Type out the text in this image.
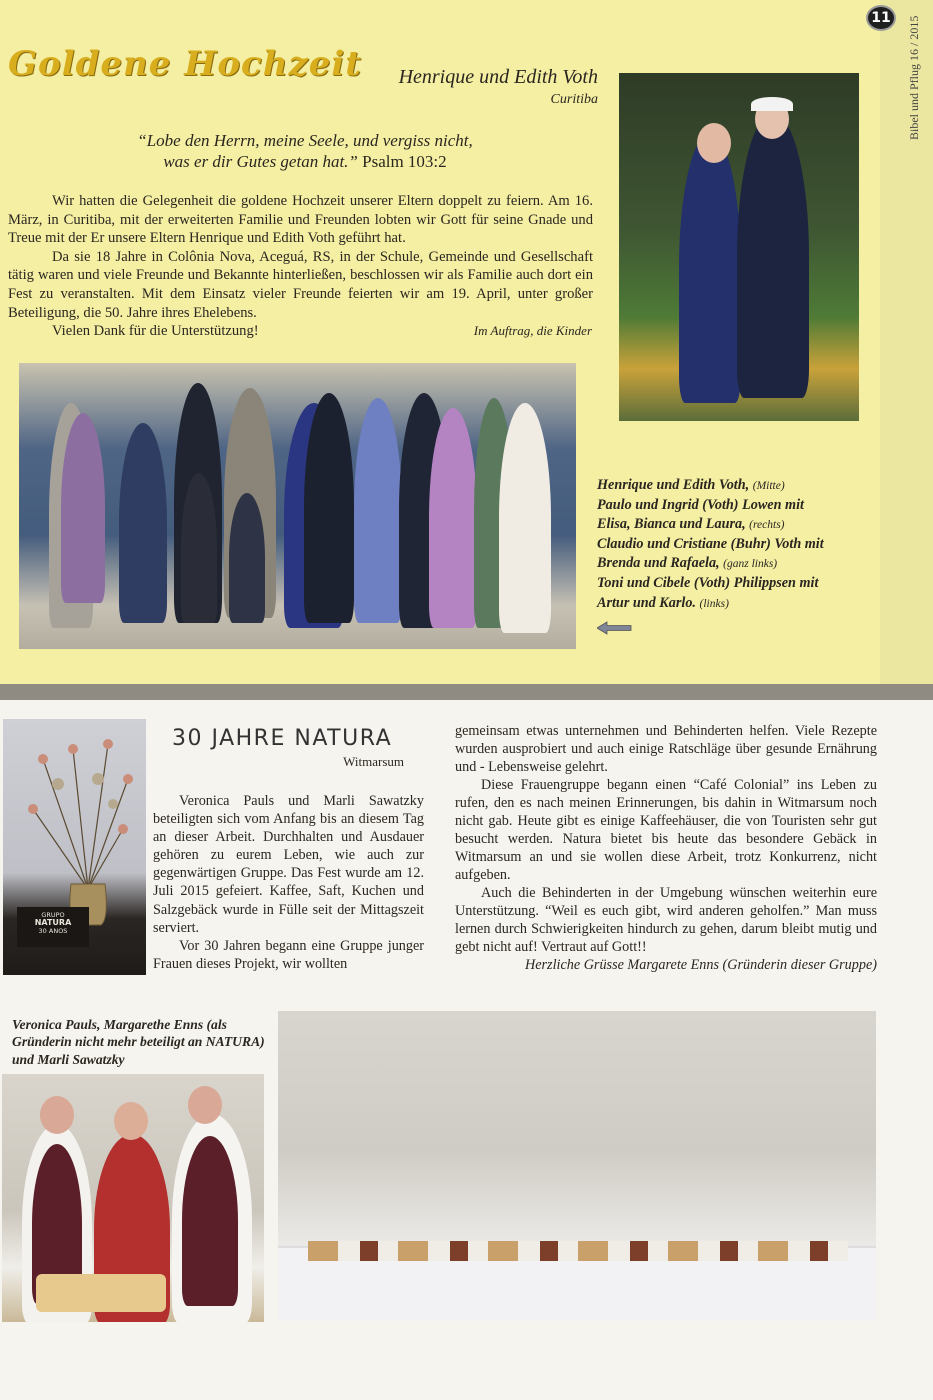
11	Bibel und Pflug 16 / 2015
Goldene Hochzeit	Henrique und Edith Voth
Curitiba
“Lobe den Herrn, meine Seele, und vergiss nicht,
was er dir Gutes getan hat.” Psalm 103:2

Wir hatten die Gelegenheit die goldene Hochzeit unserer Eltern doppelt zu feiern. Am 16. März, in Curitiba, mit der erweiterten Familie und Freunden lobten wir Gott für seine Gnade und Treue mit der Er unsere Eltern Henrique und Edith Voth geführt hat.

Da sie 18 Jahre in Colônia Nova, Aceguá, RS, in der Schule, Gemeinde und Gesellschaft tätig waren und viele Freunde und Bekannte hinterließen, beschlossen wir als Familie auch dort ein Fest zu veranstalten. Mit dem Einsatz vieler Freunde feierten wir am 19. April, unter großer Beteiligung, die 50. Jahre ihres Ehelebens.

Vielen Dank für die Unterstützung!	Im Auftrag, die Kinder
Henrique und Edith Voth, (Mitte)
Paulo und Ingrid (Voth) Lowen mit
Elisa, Bianca und Laura, (rechts)
Claudio und Cristiane (Buhr) Voth mit
Brenda und Rafaela, (ganz links)
Toni und Cibele (Voth) Philippsen mit
Artur und Karlo. (links)
GRUPO
NATURA
30 ANOS
30 JAHRE NATURA
Witmarsum

Veronica Pauls und Marli Sawatzky beteiligten sich vom Anfang bis an diesem Tag an dieser Arbeit. Durchhalten und Ausdauer gehören zu eurem Leben, wie auch zur gegenwärtigen Gruppe. Das Fest wurde am 12. Juli 2015 gefeiert. Kaffee, Saft, Kuchen und Salzgebäck wurde in Fülle seit der Mittagszeit serviert.

Vor 30 Jahren begann eine Gruppe junger Frauen dieses Projekt, wir wollten

gemeinsam etwas unternehmen und Behinderten helfen. Viele Rezepte wurden ausprobiert und auch einige Ratschläge über gesunde Ernährung und - Lebensweise gelehrt.

Diese Frauengruppe begann einen “Café Colonial” ins Leben zu rufen, den es nach meinen Erinnerungen, bis dahin in Witmarsum noch nicht gab. Heute gibt es einige Kaffeehäuser, die von Touristen sehr gut besucht werden. Natura bietet bis heute das besondere Gebäck in Witmarsum an und sie wollen diese Arbeit, trotz Konkurrenz, nicht aufgeben.

Auch die Behinderten in der Umgebung wünschen weiterhin eure Unterstützung. “Weil es euch gibt, wird anderen geholfen.” Man muss lernen durch Schwierigkeiten hindurch zu gehen, darum bleibt mutig und gebt nicht auf! Vertraut auf Gott!!

Herzliche Grüsse Margarete Enns (Gründerin dieser Gruppe)

Veronica Pauls, Margarethe Enns (als Gründerin nicht mehr beteiligt an NATURA) und Marli Sawatzky
